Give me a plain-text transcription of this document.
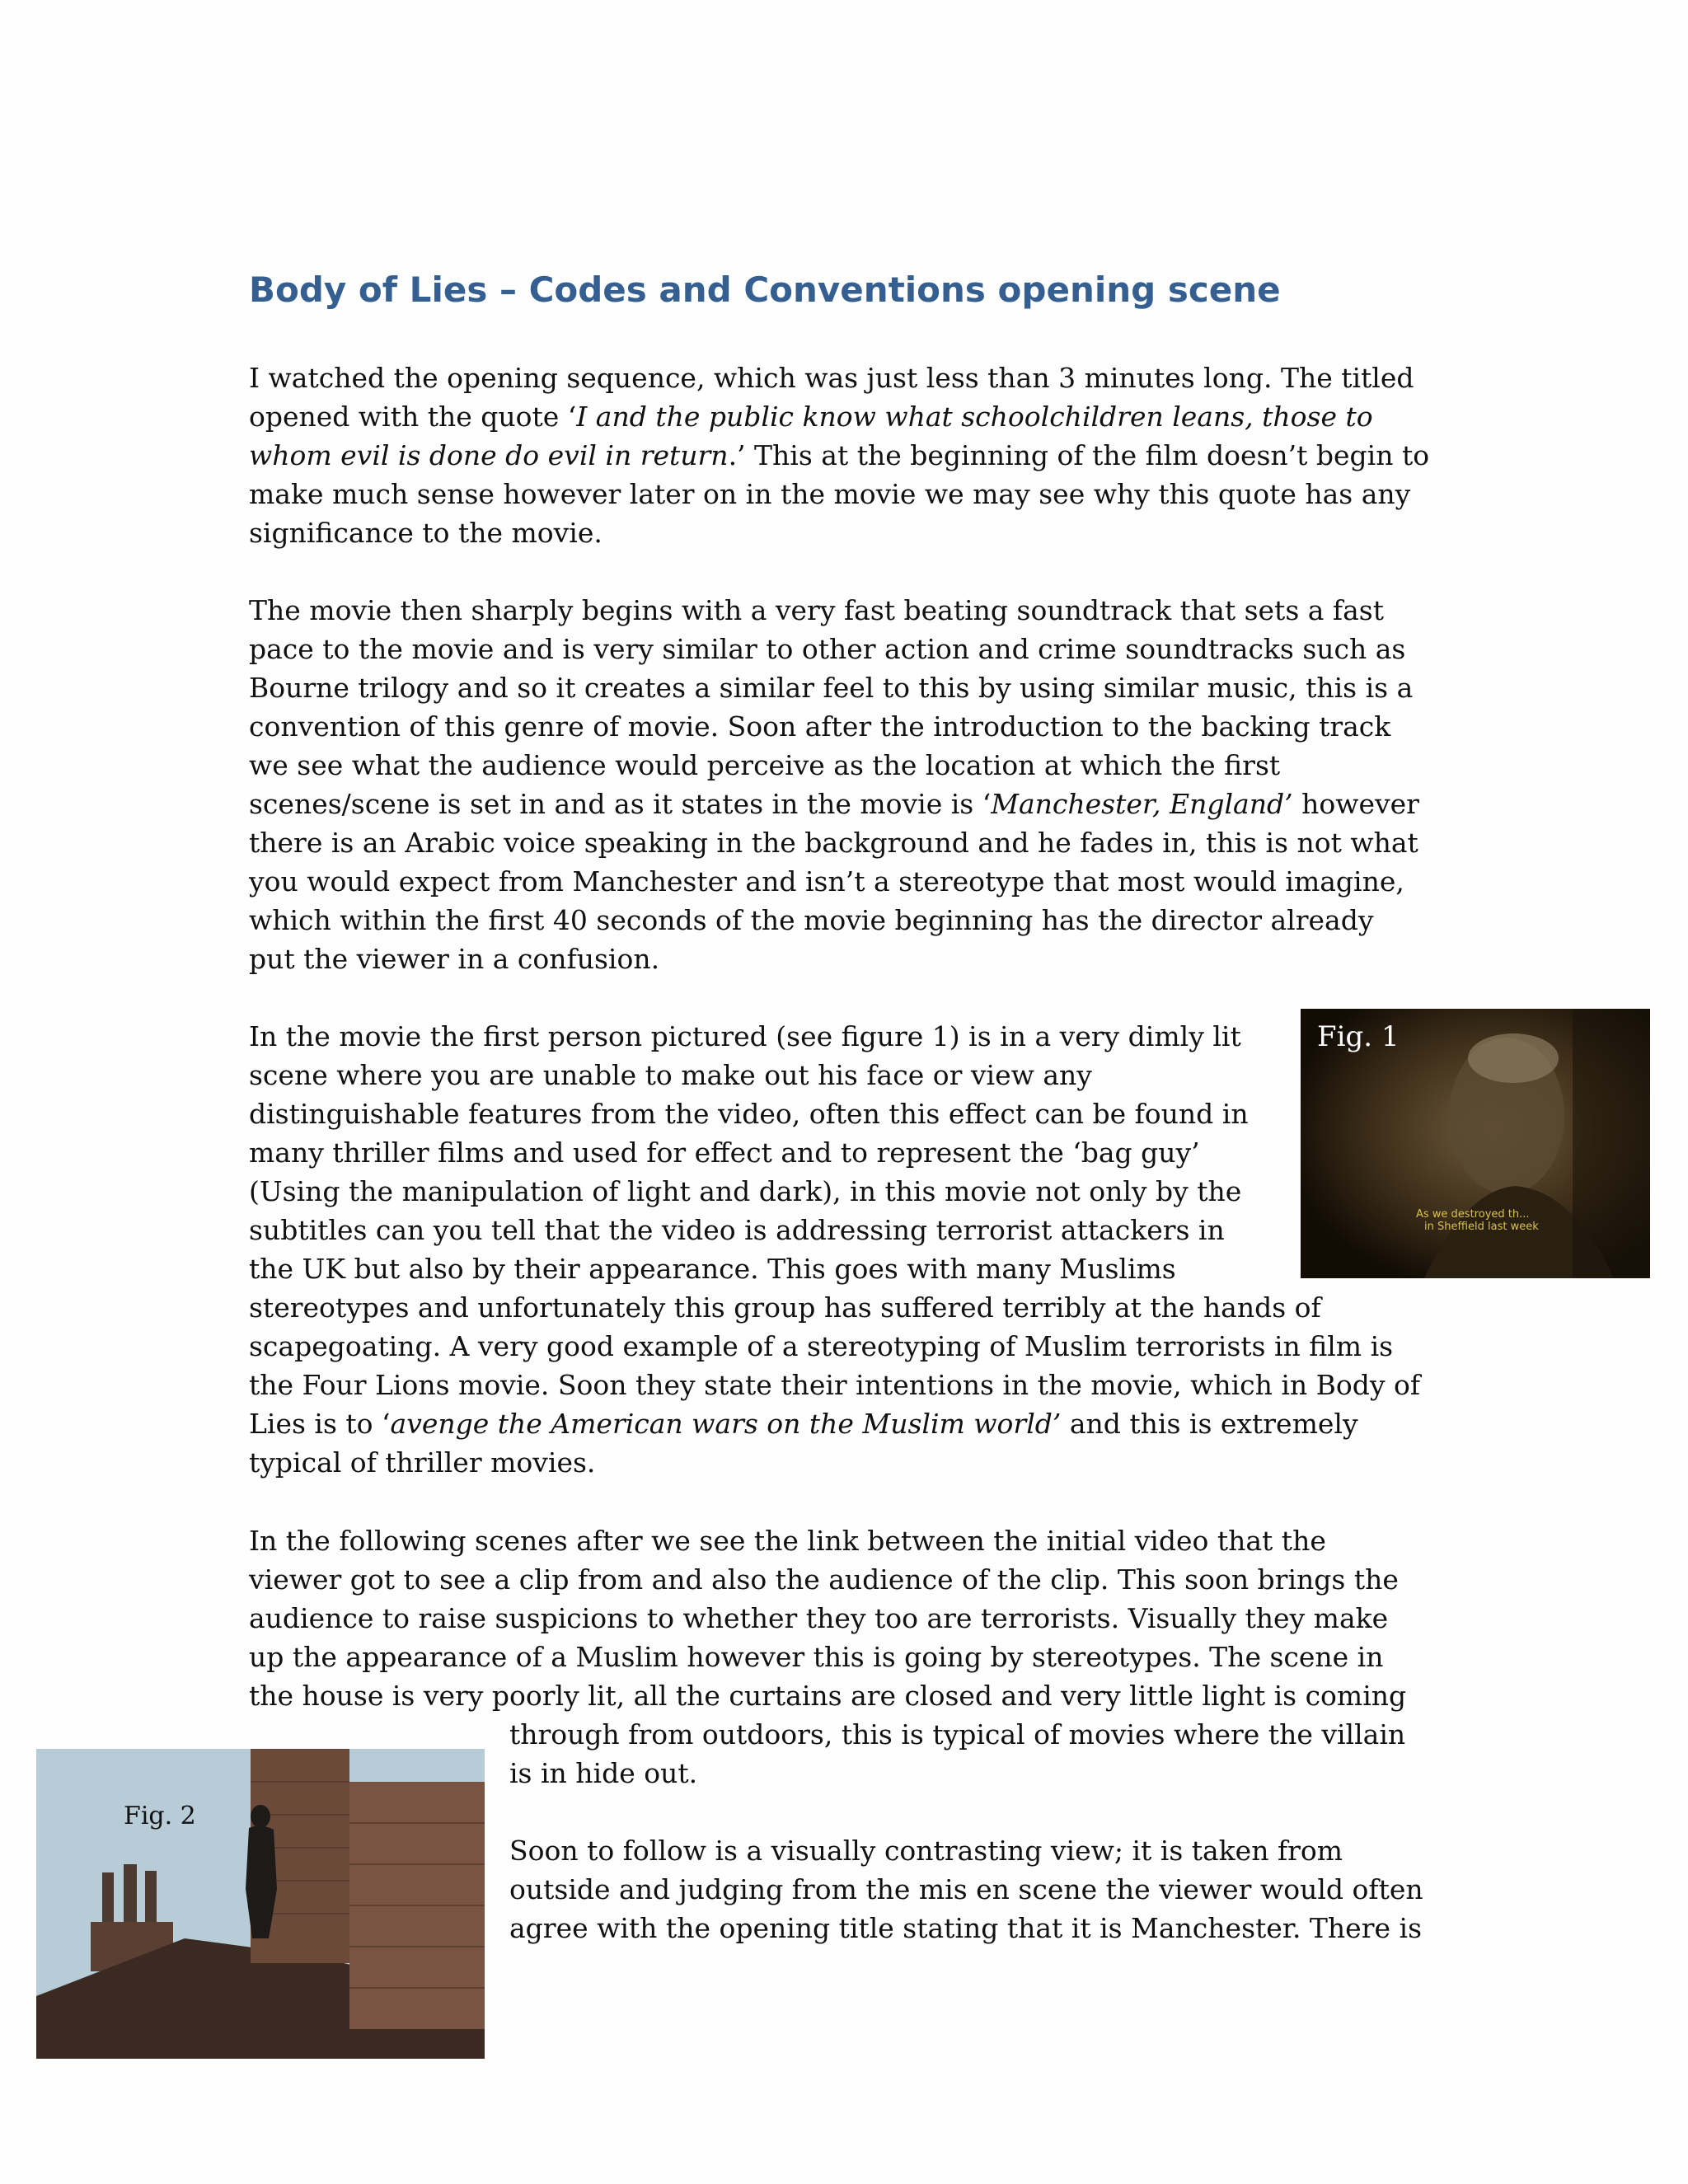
Body of Lies – Codes and Conventions opening scene
I watched the opening sequence, which was just less than 3 minutes long. The titled
opened with the quote ‘I and the public know what schoolchildren leans, those to
whom evil is done do evil in return.’ This at the beginning of the film doesn’t begin to
make much sense however later on in the movie we may see why this quote has any
significance to the movie.
The movie then sharply begins with a very fast beating soundtrack that sets a fast
pace to the movie and is very similar to other action and crime soundtracks such as
Bourne trilogy and so it creates a similar feel to this by using similar music, this is a
convention of this genre of movie. Soon after the introduction to the backing track
we see what the audience would perceive as the location at which the first
scenes/scene is set in and as it states in the movie is ‘Manchester, England’ however
there is an Arabic voice speaking in the background and he fades in, this is not what
you would expect from Manchester and isn’t a stereotype that most would imagine,
which within the first 40 seconds of the movie beginning has the director already
put the viewer in a confusion.
In the movie the first person pictured (see figure 1) is in a very dimly lit
scene where you are unable to make out his face or view any
distinguishable features from the video, often this effect can be found in
many thriller films and used for effect and to represent the ‘bag guy’
(Using the manipulation of light and dark), in this movie not only by the
subtitles can you tell that the video is addressing terrorist attackers in
the UK but also by their appearance. This goes with many Muslims
stereotypes and unfortunately this group has suffered terribly at the hands of
scapegoating. A very good example of a stereotyping of Muslim terrorists in film is
the Four Lions movie. Soon they state their intentions in the movie, which in Body of
Lies is to ‘avenge the American wars on the Muslim world’ and this is extremely
typical of thriller movies.
In the following scenes after we see the link between the initial video that the
viewer got to see a clip from and also the audience of the clip. This soon brings the
audience to raise suspicions to whether they too are terrorists. Visually they make
up the appearance of a Muslim however this is going by stereotypes. The scene in
the house is very poorly lit, all the curtains are closed and very little light is coming
through from outdoors, this is typical of movies where the villain
is in hide out.
Soon to follow is a visually contrasting view; it is taken from
outside and judging from the mis en scene the viewer would often
agree with the opening title stating that it is Manchester. There is
As we destroyed th...
in Sheffield last week
Fig. 1
Fig. 2
